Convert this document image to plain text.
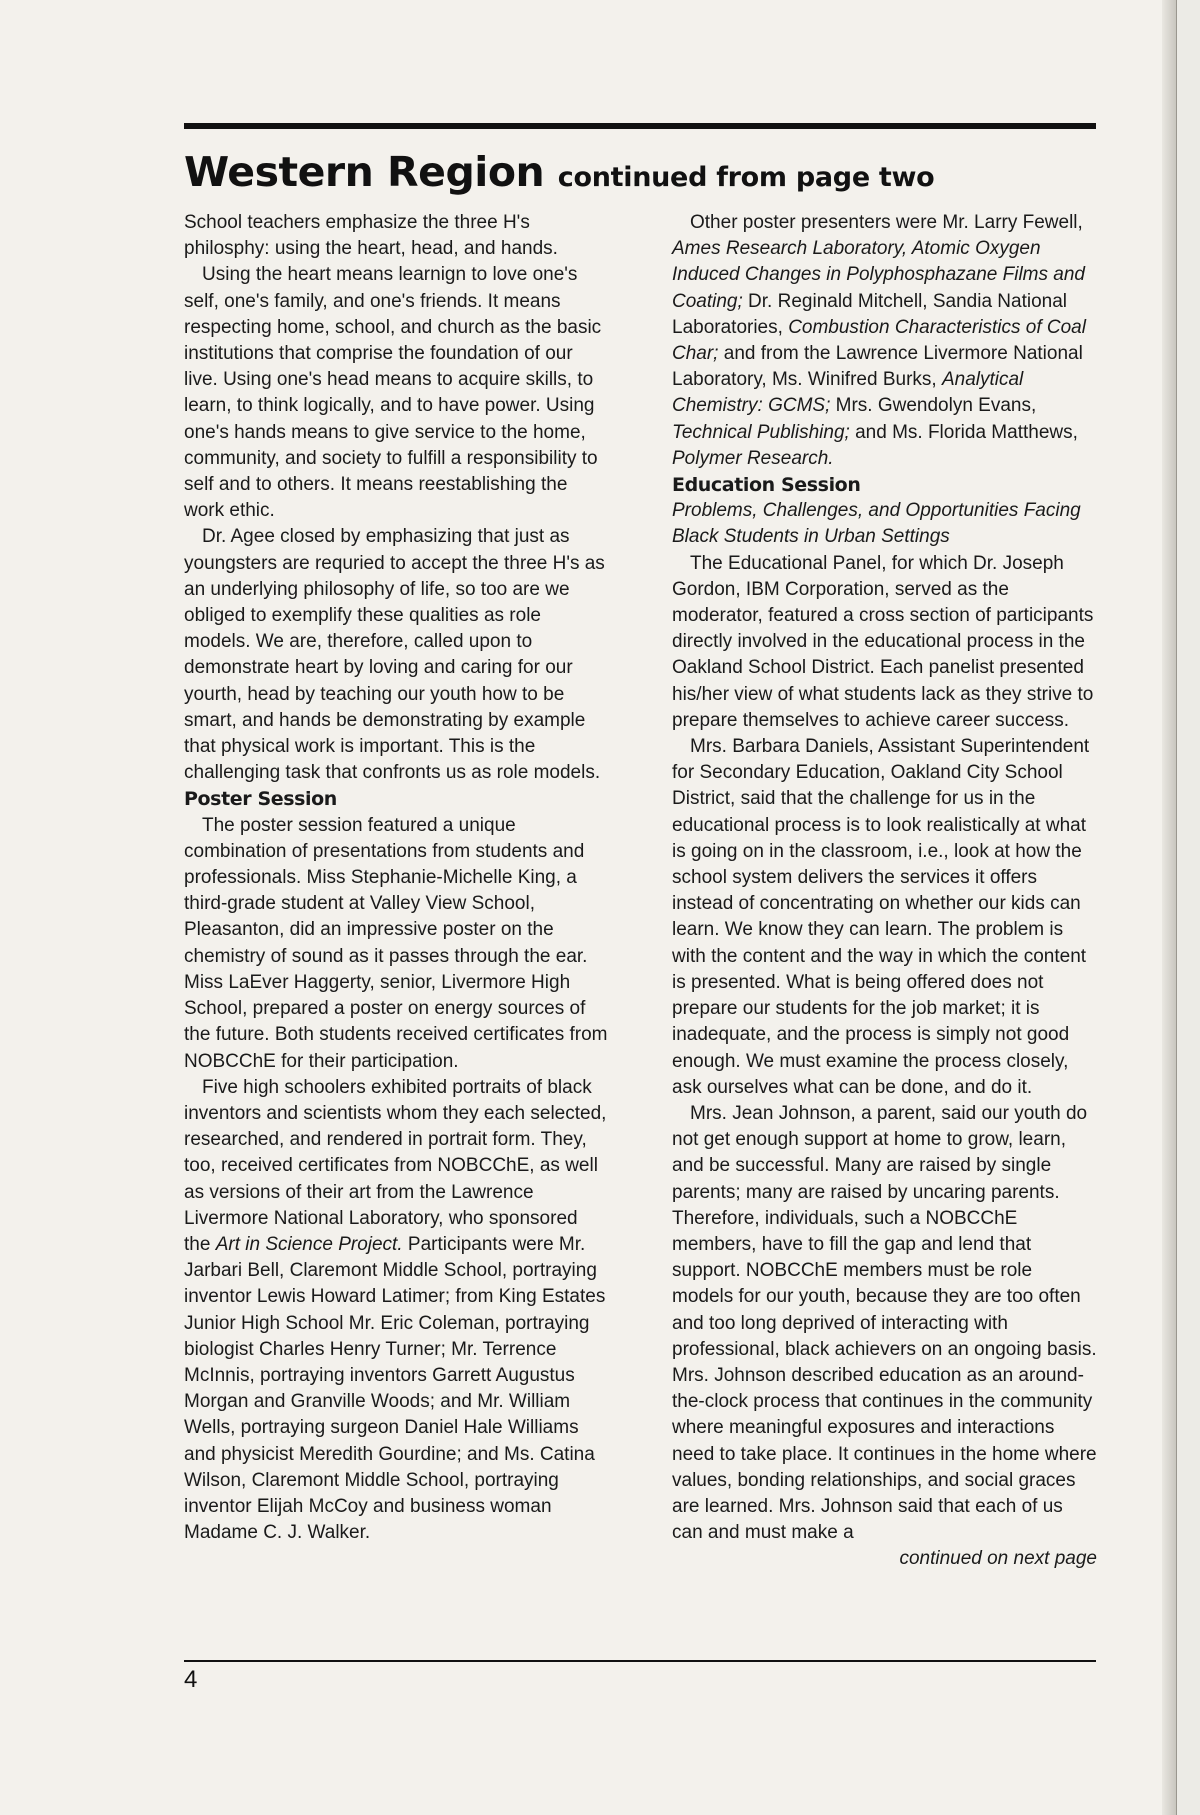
Western Region continued from page two

School teachers emphasize the three H's philosphy: using the heart, head, and hands.

Using the heart means learnign to love one's self, one's family, and one's friends. It means respecting home, school, and church as the basic institutions that comprise the foundation of our live. Using one's head means to acquire skills, to learn, to think logically, and to have power. Using one's hands means to give service to the home, community, and society to fulfill a responsibility to self and to others. It means reestablishing the work ethic.

Dr. Agee closed by emphasizing that just as youngsters are requried to accept the three H's as an underlying philosophy of life, so too are we obliged to exemplify these qualities as role models. We are, therefore, called upon to demonstrate heart by loving and caring for our yourth, head by teaching our youth how to be smart, and hands be demonstrating by example that physical work is important. This is the challenging task that confronts us as role models.

Poster Session

The poster session featured a unique combination of presentations from students and professionals. Miss Stephanie-Michelle King, a third-grade student at Valley View School, Pleasanton, did an impressive poster on the chemistry of sound as it passes through the ear. Miss LaEver Haggerty, senior, Livermore High School, prepared a poster on energy sources of the future. Both students received certificates from NOBCChE for their participation.

Five high schoolers exhibited portraits of black inventors and scientists whom they each selected, researched, and rendered in portrait form. They, too, received certificates from NOBCChE, as well as versions of their art from the Lawrence Livermore National Laboratory, who sponsored the Art in Science Project. Participants were Mr. Jarbari Bell, Claremont Middle School, portraying inventor Lewis Howard Latimer; from King Estates Junior High School Mr. Eric Coleman, portraying biologist Charles Henry Turner; Mr. Terrence McInnis, portraying inventors Garrett Augustus Morgan and Granville Woods; and Mr. William Wells, portraying surgeon Daniel Hale Williams and physicist Meredith Gourdine; and Ms. Catina Wilson, Claremont Middle School, portraying inventor Elijah McCoy and business woman Madame C. J. Walker.

Other poster presenters were Mr. Larry Fewell, Ames Research Laboratory, Atomic Oxygen Induced Changes in Polyphosphazane Films and Coating; Dr. Reginald Mitchell, Sandia National Laboratories, Combustion Characteristics of Coal Char; and from the Lawrence Livermore National Laboratory, Ms. Winifred Burks, Analytical Chemistry: GCMS; Mrs. Gwendolyn Evans, Technical Publishing; and Ms. Florida Matthews, Polymer Research.

Education Session

Problems, Challenges, and Opportunities Facing Black Students in Urban Settings

The Educational Panel, for which Dr. Joseph Gordon, IBM Corporation, served as the moderator, featured a cross section of participants directly involved in the educational process in the Oakland School District. Each panelist presented his/her view of what students lack as they strive to prepare themselves to achieve career success.

Mrs. Barbara Daniels, Assistant Superintendent for Secondary Education, Oakland City School District, said that the challenge for us in the educational process is to look realistically at what is going on in the classroom, i.e., look at how the school system delivers the services it offers instead of concentrating on whether our kids can learn. We know they can learn. The problem is with the content and the way in which the content is presented. What is being offered does not prepare our students for the job market; it is inadequate, and the process is simply not good enough. We must examine the process closely, ask ourselves what can be done, and do it.

Mrs. Jean Johnson, a parent, said our youth do not get enough support at home to grow, learn, and be successful. Many are raised by single parents; many are raised by uncaring parents. Therefore, individuals, such a NOBCChE members, have to fill the gap and lend that support. NOBCChE members must be role models for our youth, because they are too often and too long deprived of interacting with professional, black achievers on an ongoing basis. Mrs. Johnson described education as an around-the-clock process that continues in the community where meaningful exposures and interactions need to take place. It continues in the home where values, bonding relationships, and social graces are learned. Mrs. Johnson said that each of us can and must make a

continued on next page

4
